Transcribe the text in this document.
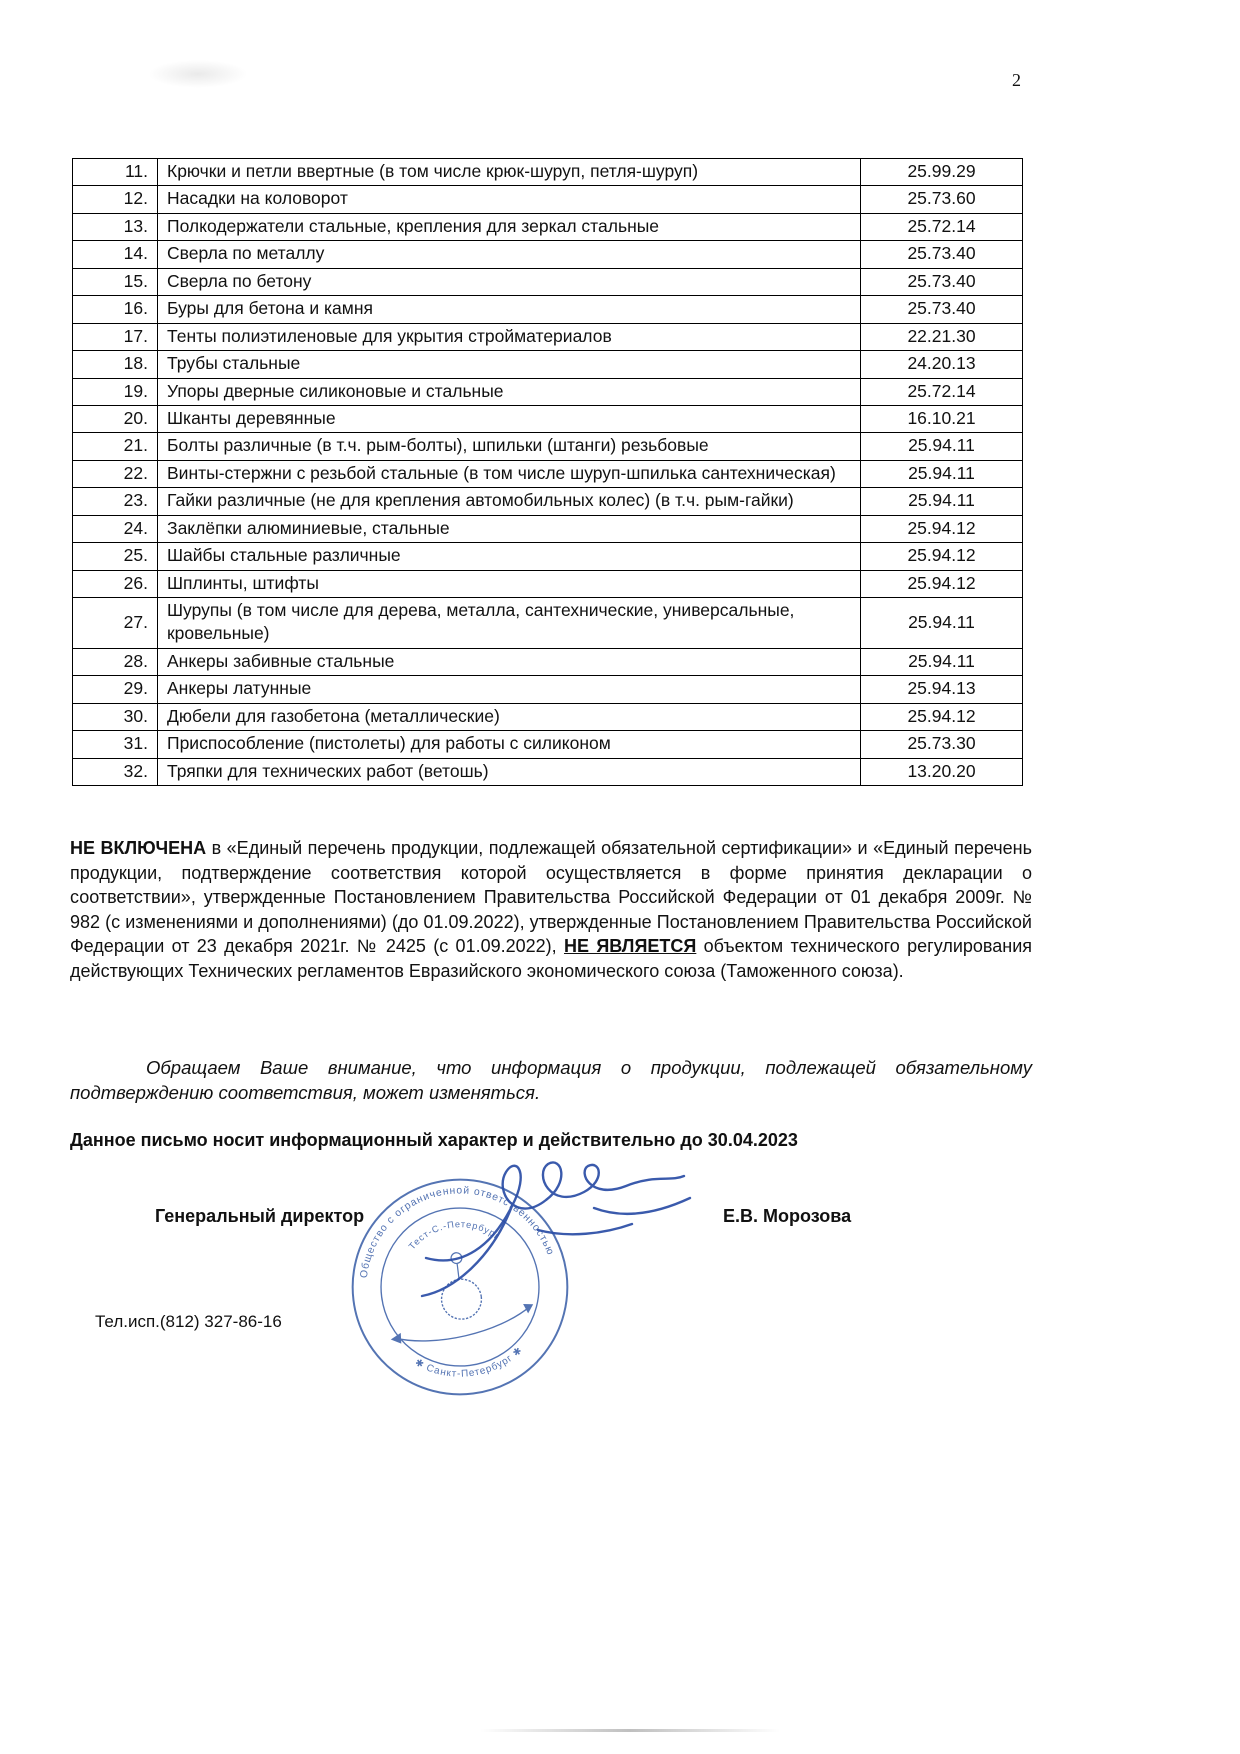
2
11.	Крючки и петли ввертные (в том числе крюк-шуруп, петля-шуруп)	25.99.29
12.	Насадки на коловорот	25.73.60
13.	Полкодержатели стальные, крепления для зеркал стальные	25.72.14
14.	Сверла по металлу	25.73.40
15.	Сверла по бетону	25.73.40
16.	Буры для бетона и камня	25.73.40
17.	Тенты полиэтиленовые для укрытия стройматериалов	22.21.30
18.	Трубы стальные	24.20.13
19.	Упоры дверные силиконовые и стальные	25.72.14
20.	Шканты деревянные	16.10.21
21.	Болты различные (в т.ч. рым-болты), шпильки (штанги) резьбовые	25.94.11
22.	Винты-стержни с резьбой стальные (в том числе шуруп-шпилька сантехническая)	25.94.11
23.	Гайки различные (не для крепления автомобильных колес) (в т.ч. рым-гайки)	25.94.11
24.	Заклёпки алюминиевые, стальные	25.94.12
25.	Шайбы стальные различные	25.94.12
26.	Шплинты, штифты	25.94.12
27.	Шурупы (в том числе для дерева, металла, сантехнические, универсальные, кровельные)	25.94.11
28.	Анкеры забивные стальные	25.94.11
29.	Анкеры латунные	25.94.13
30.	Дюбели для газобетона (металлические)	25.94.12
31.	Приспособление (пистолеты) для работы с силиконом	25.73.30
32.	Тряпки для технических работ (ветошь)	13.20.20

НЕ ВКЛЮЧЕНА в «Единый перечень продукции, подлежащей обязательной сертификации» и «Единый перечень продукции, подтверждение соответствия которой осуществляется в форме принятия декларации о соответствии», утвержденные Постановлением Правительства Российской Федерации от 01 декабря 2009г. № 982 (с изменениями и дополнениями) (до 01.09.2022), утвержденные Постановлением Правительства Российской Федерации от 23 декабря 2021г. № 2425 (с 01.09.2022), НЕ ЯВЛЯЕТСЯ объектом технического регулирования действующих Технических регламентов Евразийского экономического союза (Таможенного союза).

Обращаем Ваше внимание, что информация о продукции, подлежащей обязательному подтверждению соответствия, может изменяться.

Данное письмо носит информационный характер и действительно до 30.04.2023

Генеральный директор	Е.В. Морозова
Общество с ограниченной ответственностью
✱ Санкт-Петербург ✱
Тест-С.-Петербург
Тел.исп.(812) 327-86-16
